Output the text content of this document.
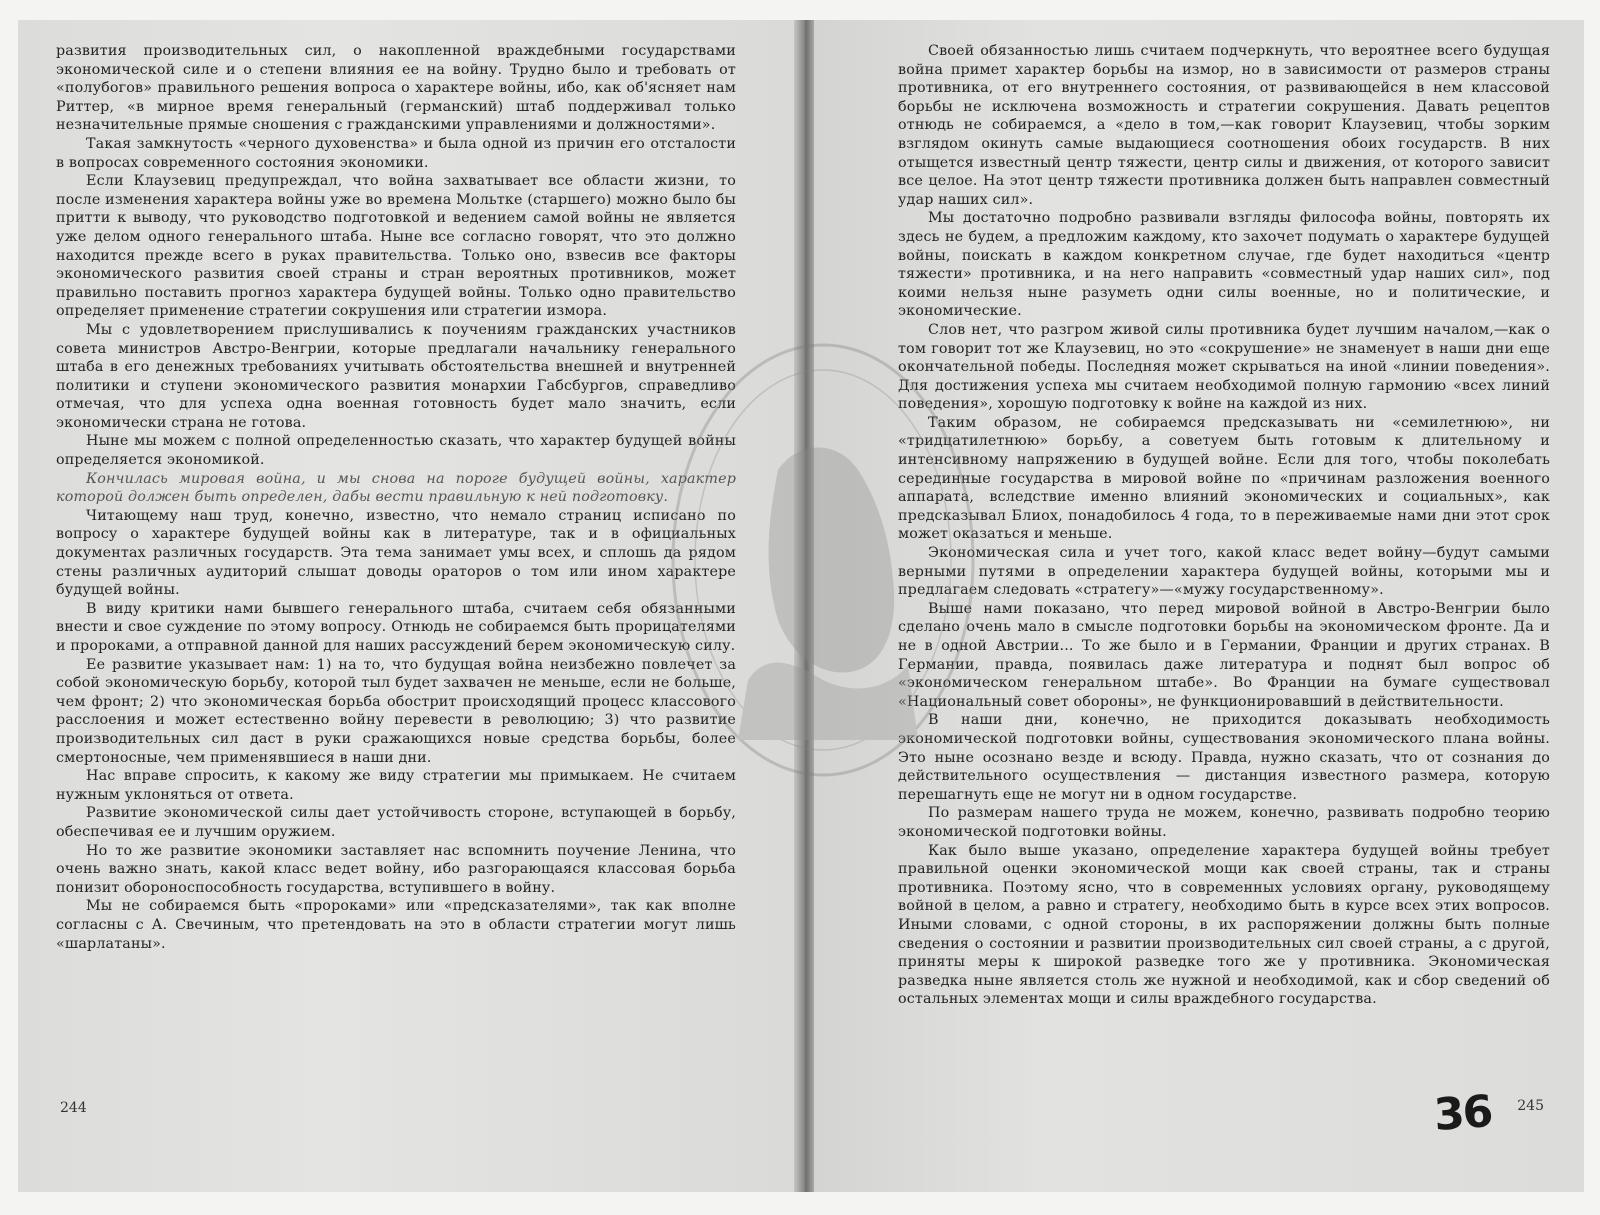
развития производительных сил, о накопленной враждебными государствами экономической силе и о степени влияния ее на войну. Трудно было и требовать от «полубогов» правильного решения вопроса о характере войны, ибо, как об'ясняет нам Риттер, «в мирное время генеральный (германский) штаб поддерживал только незначительные прямые сношения с гражданскими управлениями и должностями».

Такая замкнутость «черного духовенства» и была одной из причин его отсталости в вопросах современного состояния экономики.

Если Клаузевиц предупреждал, что война захватывает все области жизни, то после изменения характера войны уже во времена Мольтке (старшего) можно было бы притти к выводу, что руководство подготовкой и ведением самой войны не является уже делом одного генерального штаба. Ныне все согласно говорят, что это должно находится прежде всего в руках правительства. Только оно, взвесив все факторы экономического развития своей страны и стран вероятных противников, может правильно поставить прогноз характера будущей войны. Только одно правительство определяет применение стратегии сокрушения или стратегии измора.

Мы с удовлетворением прислушивались к поучениям гражданских участников совета министров Австро-Венгрии, которые предлагали начальнику генерального штаба в его денежных требованиях учитывать обстоятельства внешней и внутренней политики и ступени экономического развития монархии Габсбургов, справедливо отмечая, что для успеха одна военная готовность будет мало значить, если экономически страна не готова.

Ныне мы можем с полной определенностью сказать, что характер будущей войны определяется экономикой.

Кончилась мировая война, и мы снова на пороге будущей войны, характер которой должен быть определен, дабы вести правильную к ней подготовку.

Читающему наш труд, конечно, известно, что немало страниц исписано по вопросу о характере будущей войны как в литературе, так и в официальных документах различных государств. Эта тема занимает умы всех, и сплошь да рядом стены различных аудиторий слышат доводы ораторов о том или ином характере будущей войны.

В виду критики нами бывшего генерального штаба, считаем себя обязанными внести и свое суждение по этому вопросу. Отнюдь не собираемся быть прорицателями и пророками, а отправной данной для наших рассуждений берем экономическую силу.

Ее развитие указывает нам: 1) на то, что будущая война неизбежно повлечет за собой экономическую борьбу, которой тыл будет захвачен не меньше, если не больше, чем фронт; 2) что экономическая борьба обострит происходящий процесс классового расслоения и может естественно войну перевести в революцию; 3) что развитие производительных сил даст в руки сражающихся новые средства борьбы, более смертоносные, чем применявшиеся в наши дни.

Нас вправе спросить, к какому же виду стратегии мы примыкаем. Не считаем нужным уклоняться от ответа.

Развитие экономической силы дает устойчивость стороне, вступающей в борьбу, обеспечивая ее и лучшим оружием.

Но то же развитие экономики заставляет нас вспомнить поучение Ленина, что очень важно знать, какой класс ведет войну, ибо разгорающаяся классовая борьба понизит обороноспособность государства, вступившего в войну.

Мы не собираемся быть «пророками» или «предсказателями», так как вполне согласны с А. Свечиным, что претендовать на это в области стратегии могут лишь «шарлатаны».

244

Своей обязанностью лишь считаем подчеркнуть, что вероятнее всего будущая война примет характер борьбы на измор, но в зависимости от размеров страны противника, от его внутреннего состояния, от развивающейся в нем классовой борьбы не исключена возможность и стратегии сокрушения. Давать рецептов отнюдь не собираемся, а «дело в том,—как говорит Клаузевиц, чтобы зорким взглядом окинуть самые выдающиеся соотношения обоих государств. В них отыщется известный центр тяжести, центр силы и движения, от которого зависит все целое. На этот центр тяжести противника должен быть направлен совместный удар наших сил».

Мы достаточно подробно развивали взгляды философа войны, повторять их здесь не будем, а предложим каждому, кто захочет подумать о характере будущей войны, поискать в каждом конкретном случае, где будет находиться «центр тяжести» противника, и на него направить «совместный удар наших сил», под коими нельзя ныне разуметь одни силы военные, но и политические, и экономические.

Слов нет, что разгром живой силы противника будет лучшим началом,—как о том говорит тот же Клаузевиц, но это «сокрушение» не знаменует в наши дни еще окончательной победы. Последняя может скрываться на иной «линии поведения». Для достижения успеха мы считаем необходимой полную гармонию «всех линий поведения», хорошую подготовку к войне на каждой из них.

Таким образом, не собираемся предсказывать ни «семилетнюю», ни «тридцатилетнюю» борьбу, а советуем быть готовым к длительному и интенсивному напряжению в будущей войне. Если для того, чтобы поколебать серединные государства в мировой войне по «причинам разложения военного аппарата, вследствие именно влияний экономических и социальных», как предсказывал Блиох, понадобилось 4 года, то в переживаемые нами дни этот срок может оказаться и меньше.

Экономическая сила и учет того, какой класс ведет войну—будут самыми верными путями в определении характера будущей войны, которыми мы и предлагаем следовать «стратегу»—«мужу государственному».

Выше нами показано, что перед мировой войной в Австро-Венгрии было сделано очень мало в смысле подготовки борьбы на экономическом фронте. Да и не в одной Австрии... То же было и в Германии, Франции и других странах. В Германии, правда, появилась даже литература и поднят был вопрос об «экономическом генеральном штабе». Во Франции на бумаге существовал «Национальный совет обороны», не функционировавший в действительности.

В наши дни, конечно, не приходится доказывать необходимость экономической подготовки войны, существования экономического плана войны. Это ныне осознано везде и всюду. Правда, нужно сказать, что от сознания до действительного осуществления — дистанция известного размера, которую перешагнуть еще не могут ни в одном государстве.

По размерам нашего труда не можем, конечно, развивать подробно теорию экономической подготовки войны.

Как было выше указано, определение характера будущей войны требует правильной оценки экономической мощи как своей страны, так и страны противника. Поэтому ясно, что в современных условиях органу, руководящему войной в целом, а равно и стратегу, необходимо быть в курсе всех этих вопросов. Иными словами, с одной стороны, в их распоряжении должны быть полные сведения о состоянии и развитии производительных сил своей страны, а с другой, приняты меры к широкой разведке того же у противника. Экономическая разведка ныне является столь же нужной и необходимой, как и сбор сведений об остальных элементах мощи и силы враждебного государства.

36 245
